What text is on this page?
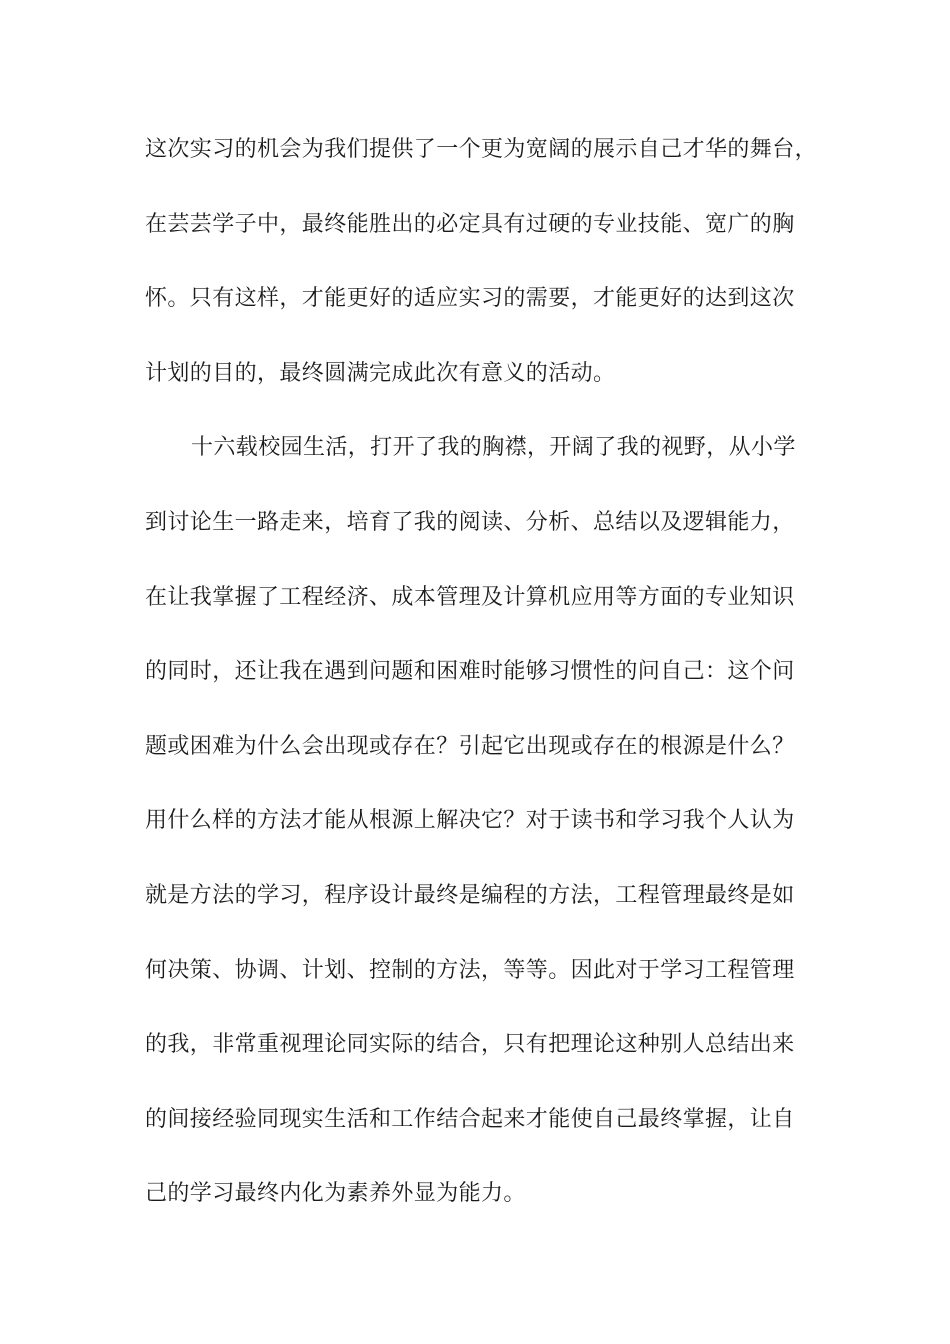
这次实习的机会为我们提供了一个更为宽阔的展示自己才华的舞台，
在芸芸学子中，最终能胜出的必定具有过硬的专业技能、宽广的胸
怀。只有这样，才能更好的适应实习的需要，才能更好的达到这次
计划的目的，最终圆满完成此次有意义的活动。
十六载校园生活，打开了我的胸襟，开阔了我的视野，从小学
到讨论生一路走来，培育了我的阅读、分析、总结以及逻辑能力，
在让我掌握了工程经济、成本管理及计算机应用等方面的专业知识
的同时，还让我在遇到问题和困难时能够习惯性的问自己：这个问
题或困难为什么会出现或存在？引起它出现或存在的根源是什么？
用什么样的方法才能从根源上解决它？对于读书和学习我个人认为
就是方法的学习，程序设计最终是编程的方法，工程管理最终是如
何决策、协调、计划、控制的方法，等等。因此对于学习工程管理
的我，非常重视理论同实际的结合，只有把理论这种别人总结出来
的间接经验同现实生活和工作结合起来才能使自己最终掌握，让自
己的学习最终内化为素养外显为能力。
